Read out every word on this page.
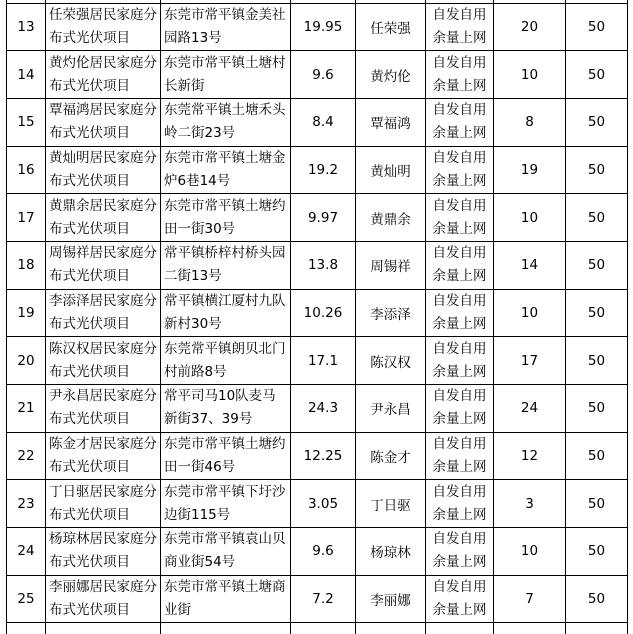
13	任荣强居民家庭分布式光伏项目	东莞市常平镇金美社园路13号	19.95	任荣强	自发自用余量上网	20	50
14	黄灼伦居民家庭分布式光伏项目	东莞市常平镇土塘村长新街	9.6	黄灼伦	自发自用余量上网	10	50
15	覃福鸿居民家庭分布式光伏项目	东莞常平镇土塘禾头岭二街23号	8.4	覃福鸿	自发自用余量上网	8	50
16	黄灿明居民家庭分布式光伏项目	东莞市常平镇土塘金炉6巷14号	19.2	黄灿明	自发自用余量上网	19	50
17	黄鼎余居民家庭分布式光伏项目	东莞市常平镇土塘约田一街30号	9.97	黄鼎余	自发自用余量上网	10	50
18	周锡祥居民家庭分布式光伏项目	常平镇桥梓村桥头园二街13号	13.8	周锡祥	自发自用余量上网	14	50
19	李添泽居民家庭分布式光伏项目	常平镇横江厦村九队新村30号	10.26	李添泽	自发自用余量上网	10	50
20	陈汉权居民家庭分布式光伏项目	东莞常平镇朗贝北门村前路8号	17.1	陈汉权	自发自用余量上网	17	50
21	尹永昌居民家庭分布式光伏项目	常平司马10队麦马新街37、39号	24.3	尹永昌	自发自用余量上网	24	50
22	陈金才居民家庭分布式光伏项目	东莞市常平镇土塘约田一街46号	12.25	陈金才	自发自用余量上网	12	50
23	丁日驱居民家庭分布式光伏项目	东莞市常平镇下圩沙边街115号	3.05	丁日驱	自发自用余量上网	3	50
24	杨琼林居民家庭分布式光伏项目	东莞市常平镇袁山贝商业街54号	9.6	杨琼林	自发自用余量上网	10	50
25	李丽娜居民家庭分布式光伏项目	东莞市常平镇土塘商业街	7.2	李丽娜	自发自用余量上网	7	50
